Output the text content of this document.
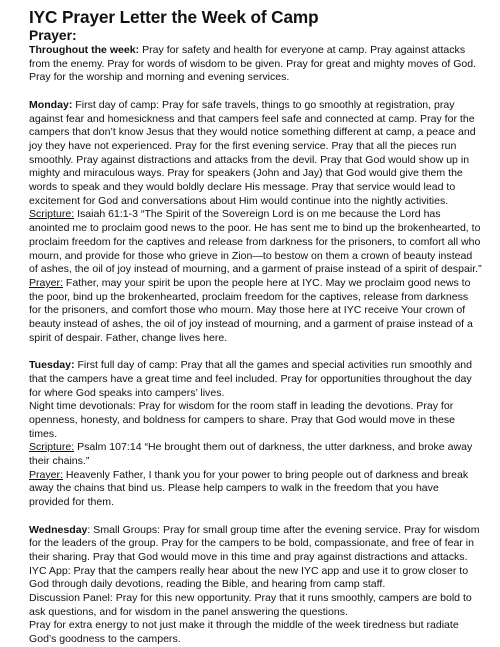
IYC Prayer Letter the Week of Camp
Prayer:

Throughout the week: Pray for safety and health for everyone at camp. Pray against attacks from the enemy. Pray for words of wisdom to be given. Pray for great and mighty moves of God. Pray for the worship and morning and evening services.

Monday: First day of camp: Pray for safe travels, things to go smoothly at registration, pray against fear and homesickness and that campers feel safe and connected at camp. Pray for the campers that don’t know Jesus that they would notice something different at camp, a peace and joy they have not experienced. Pray for the first evening service. Pray that all the pieces run smoothly. Pray against distractions and attacks from the devil. Pray that God would show up in mighty and miraculous ways. Pray for speakers (John and Jay) that God would give them the words to speak and they would boldly declare His message. Pray that service would lead to excitement for God and conversations about Him would continue into the nightly activities.

Scripture: Isaiah 61:1-3 “The Spirit of the Sovereign Lord is on me because the Lord has anointed me to proclaim good news to the poor. He has sent me to bind up the brokenhearted, to proclaim freedom for the captives and release from darkness for the prisoners, to comfort all who mourn, and provide for those who grieve in Zion—to bestow on them a crown of beauty instead of ashes, the oil of joy instead of mourning, and a garment of praise instead of a spirit of despair.”

Prayer: Father, may your spirit be upon the people here at IYC. May we proclaim good news to the poor, bind up the brokenhearted, proclaim freedom for the captives, release from darkness for the prisoners, and comfort those who mourn. May those here at IYC receive Your crown of beauty instead of ashes, the oil of joy instead of mourning, and a garment of praise instead of a spirit of despair. Father, change lives here.

Tuesday: First full day of camp: Pray that all the games and special activities run smoothly and that the campers have a great time and feel included. Pray for opportunities throughout the day for where God speaks into campers’ lives.

Night time devotionals: Pray for wisdom for the room staff in leading the devotions. Pray for openness, honesty, and boldness for campers to share. Pray that God would move in these times.

Scripture: Psalm 107:14 “He brought them out of darkness, the utter darkness, and broke away their chains.”

Prayer: Heavenly Father, I thank you for your power to bring people out of darkness and break away the chains that bind us. Please help campers to walk in the freedom that you have provided for them.

Wednesday: Small Groups: Pray for small group time after the evening service. Pray for wisdom for the leaders of the group. Pray for the campers to be bold, compassionate, and free of fear in their sharing. Pray that God would move in this time and pray against distractions and attacks.

IYC App: Pray that the campers really hear about the new IYC app and use it to grow closer to God through daily devotions, reading the Bible, and hearing from camp staff.

Discussion Panel: Pray for this new opportunity. Pray that it runs smoothly, campers are bold to ask questions, and for wisdom in the panel answering the questions.

Pray for extra energy to not just make it through the middle of the week tiredness but radiate God’s goodness to the campers.
